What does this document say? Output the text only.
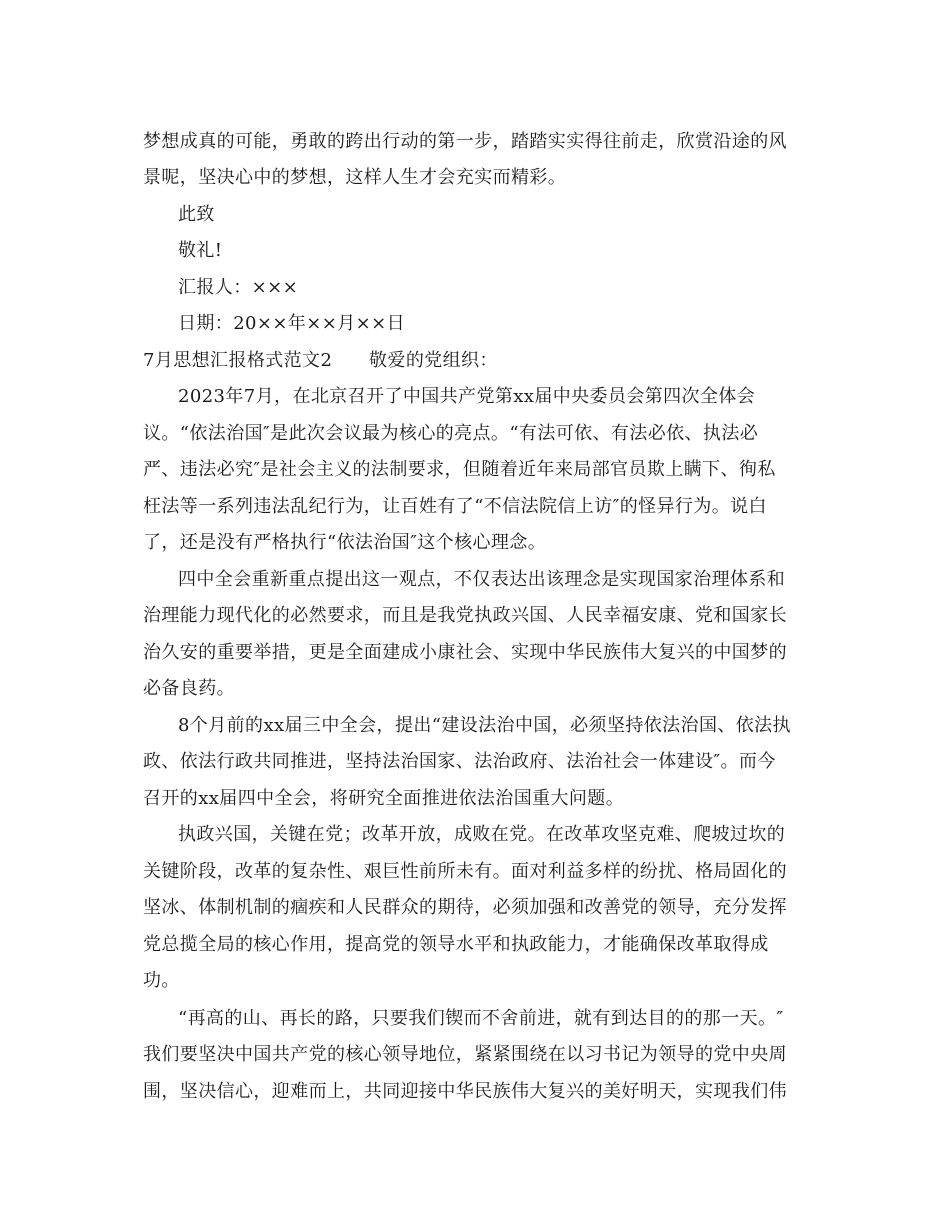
梦想成真的可能，勇敢的跨出行动的第一步，踏踏实实得往前走，欣赏沿途的风
景呢，坚决心中的梦想，这样人生才会充实而精彩。
此致
敬礼!
汇报人：×××
日期：20××年××月××日
7月思想汇报格式范文2      敬爱的党组织：
2023年7月，在北京召开了中国共产党第xx届中央委员会第四次全体会
议。“依法治国″是此次会议最为核心的亮点。“有法可依、有法必依、执法必
严、违法必究″是社会主义的法制要求，但随着近年来局部官员欺上瞒下、徇私
枉法等一系列违法乱纪行为，让百姓有了“不信法院信上访″的怪异行为。说白
了，还是没有严格执行“依法治国″这个核心理念。
四中全会重新重点提出这一观点，不仅表达出该理念是实现国家治理体系和
治理能力现代化的必然要求，而且是我党执政兴国、人民幸福安康、党和国家长
治久安的重要举措，更是全面建成小康社会、实现中华民族伟大复兴的中国梦的
必备良药。
8个月前的xx届三中全会，提出“建设法治中国，必须坚持依法治国、依法执
政、依法行政共同推进，坚持法治国家、法治政府、法治社会一体建设″。而今
召开的xx届四中全会，将研究全面推进依法治国重大问题。
执政兴国，关键在党；改革开放，成败在党。在改革攻坚克难、爬坡过坎的
关键阶段，改革的复杂性、艰巨性前所未有。面对利益多样的纷扰、格局固化的
坚冰、体制机制的痼疾和人民群众的期待，必须加强和改善党的领导，充分发挥
党总揽全局的核心作用，提高党的领导水平和执政能力，才能确保改革取得成
功。
“再高的山、再长的路，只要我们锲而不舍前进，就有到达目的的那一天。″
我们要坚决中国共产党的核心领导地位，紧紧围绕在以习书记为领导的党中央周
围，坚决信心，迎难而上，共同迎接中华民族伟大复兴的美好明天，实现我们伟
